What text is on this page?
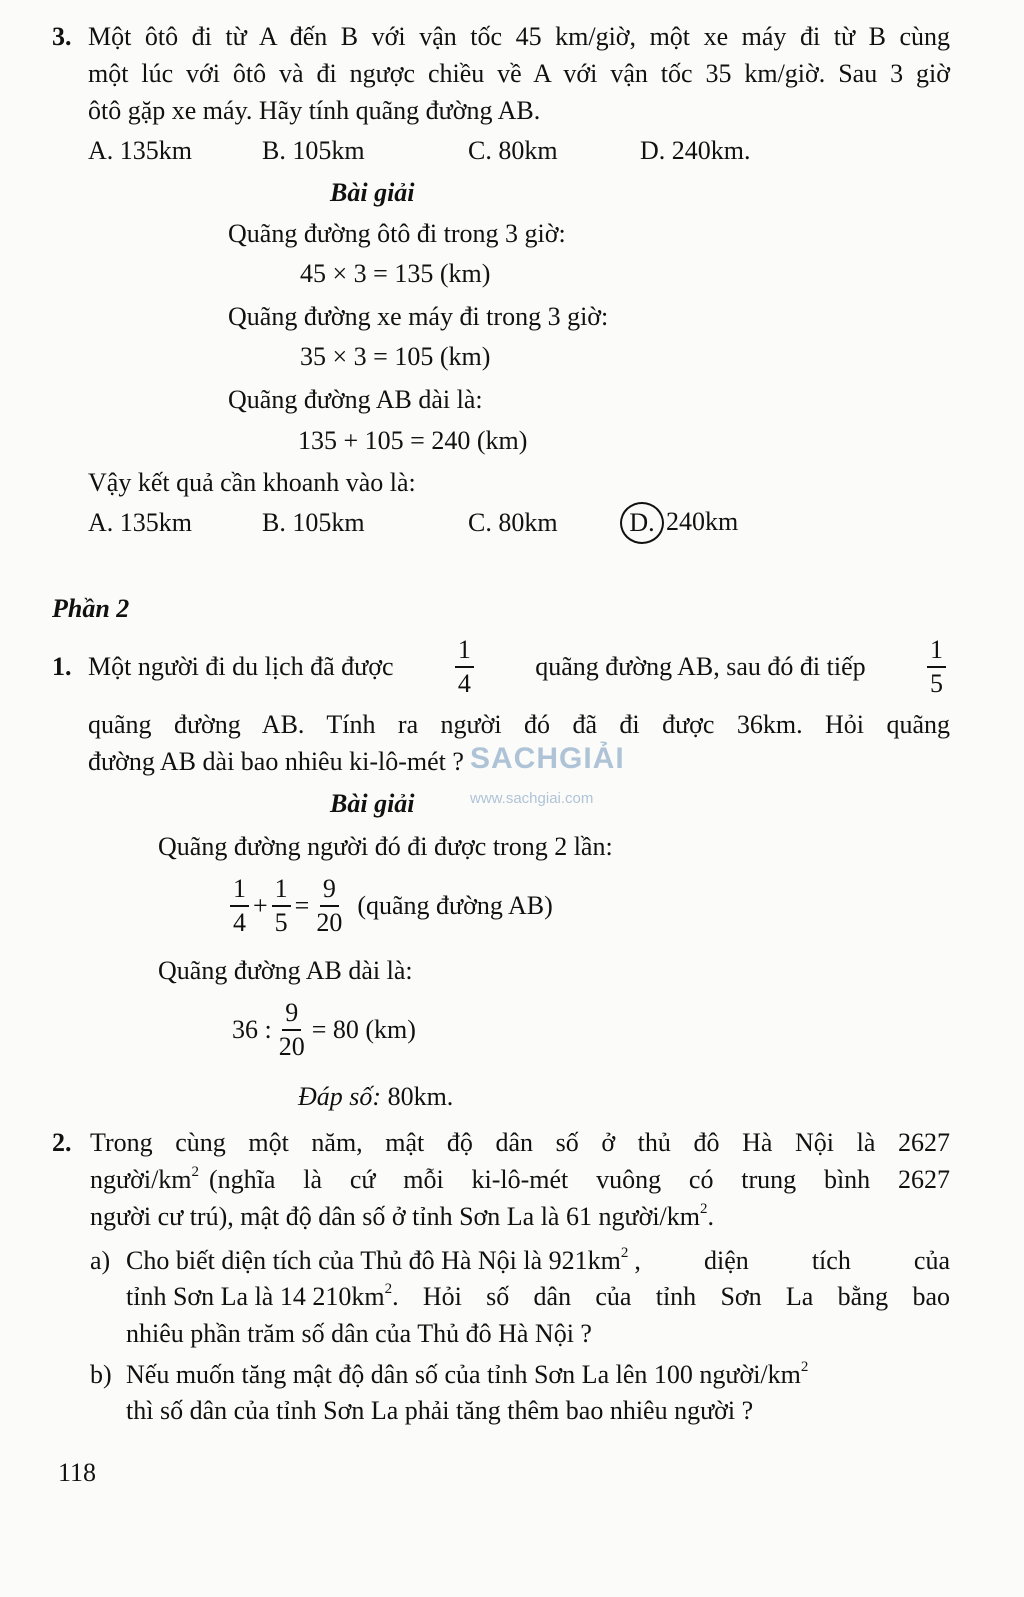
3. Một ôtô đi từ A đến B với vận tốc 45 km/giờ, một xe máy đi từ B cùng
một lúc với ôtô và đi ngược chiều về A với vận tốc 35 km/giờ. Sau 3 giờ
ôtô gặp xe máy. Hãy tính quãng đường AB.
A. 135km	B. 105km	C. 80km	D. 240km.
Bài giải
Quãng đường ôtô đi trong 3 giờ:
45 × 3 = 135 (km)
Quãng đường xe máy đi trong 3 giờ:
35 × 3 = 105 (km)
Quãng đường AB dài là:
135 + 105 = 240 (km)
Vậy kết quả cần khoanh vào là:
A. 135km	B. 105km	C. 80km	D. 240km
Phần 2
1. Một người đi du lịch đã được $\frac{1}{4}$ quãng đường AB, sau đó đi tiếp $\frac{1}{5}$
quãng đường AB. Tính ra người đó đã đi được 36km. Hỏi quãng
đường AB dài bao nhiêu ki-lô-mét ?
Bài giải
Quãng đường người đó đi được trong 2 lần:
$\frac{1}{4} + \frac{1}{5} = \frac{9}{20}$ (quãng đường AB)
Quãng đường AB dài là:
36 : $\frac{9}{20} = 80$ (km)
Đáp số: 80km.
2. Trong cùng một năm, mật độ dân số ở thủ đô Hà Nội là 2627
người/$km^2$ (nghĩa là cứ mỗi ki-lô-mét vuông có trung bình 2627
người cư trú), mật độ dân số ở tỉnh Sơn La là 61 người/$km^2$.
a) Cho biết diện tích của Thủ đô Hà Nội là $921km^2$ , diện tích của
tỉnh Sơn La là 14 $210km^2$ . Hỏi số dân của tỉnh Sơn La bằng bao
nhiêu phần trăm số dân của Thủ đô Hà Nội ?
b) Nếu muốn tăng mật độ dân số của tỉnh Sơn La lên 100 người/$km^2$
thì số dân của tỉnh Sơn La phải tăng thêm bao nhiêu người ?
SACHGIẢI
www.sachgiai.com
118
